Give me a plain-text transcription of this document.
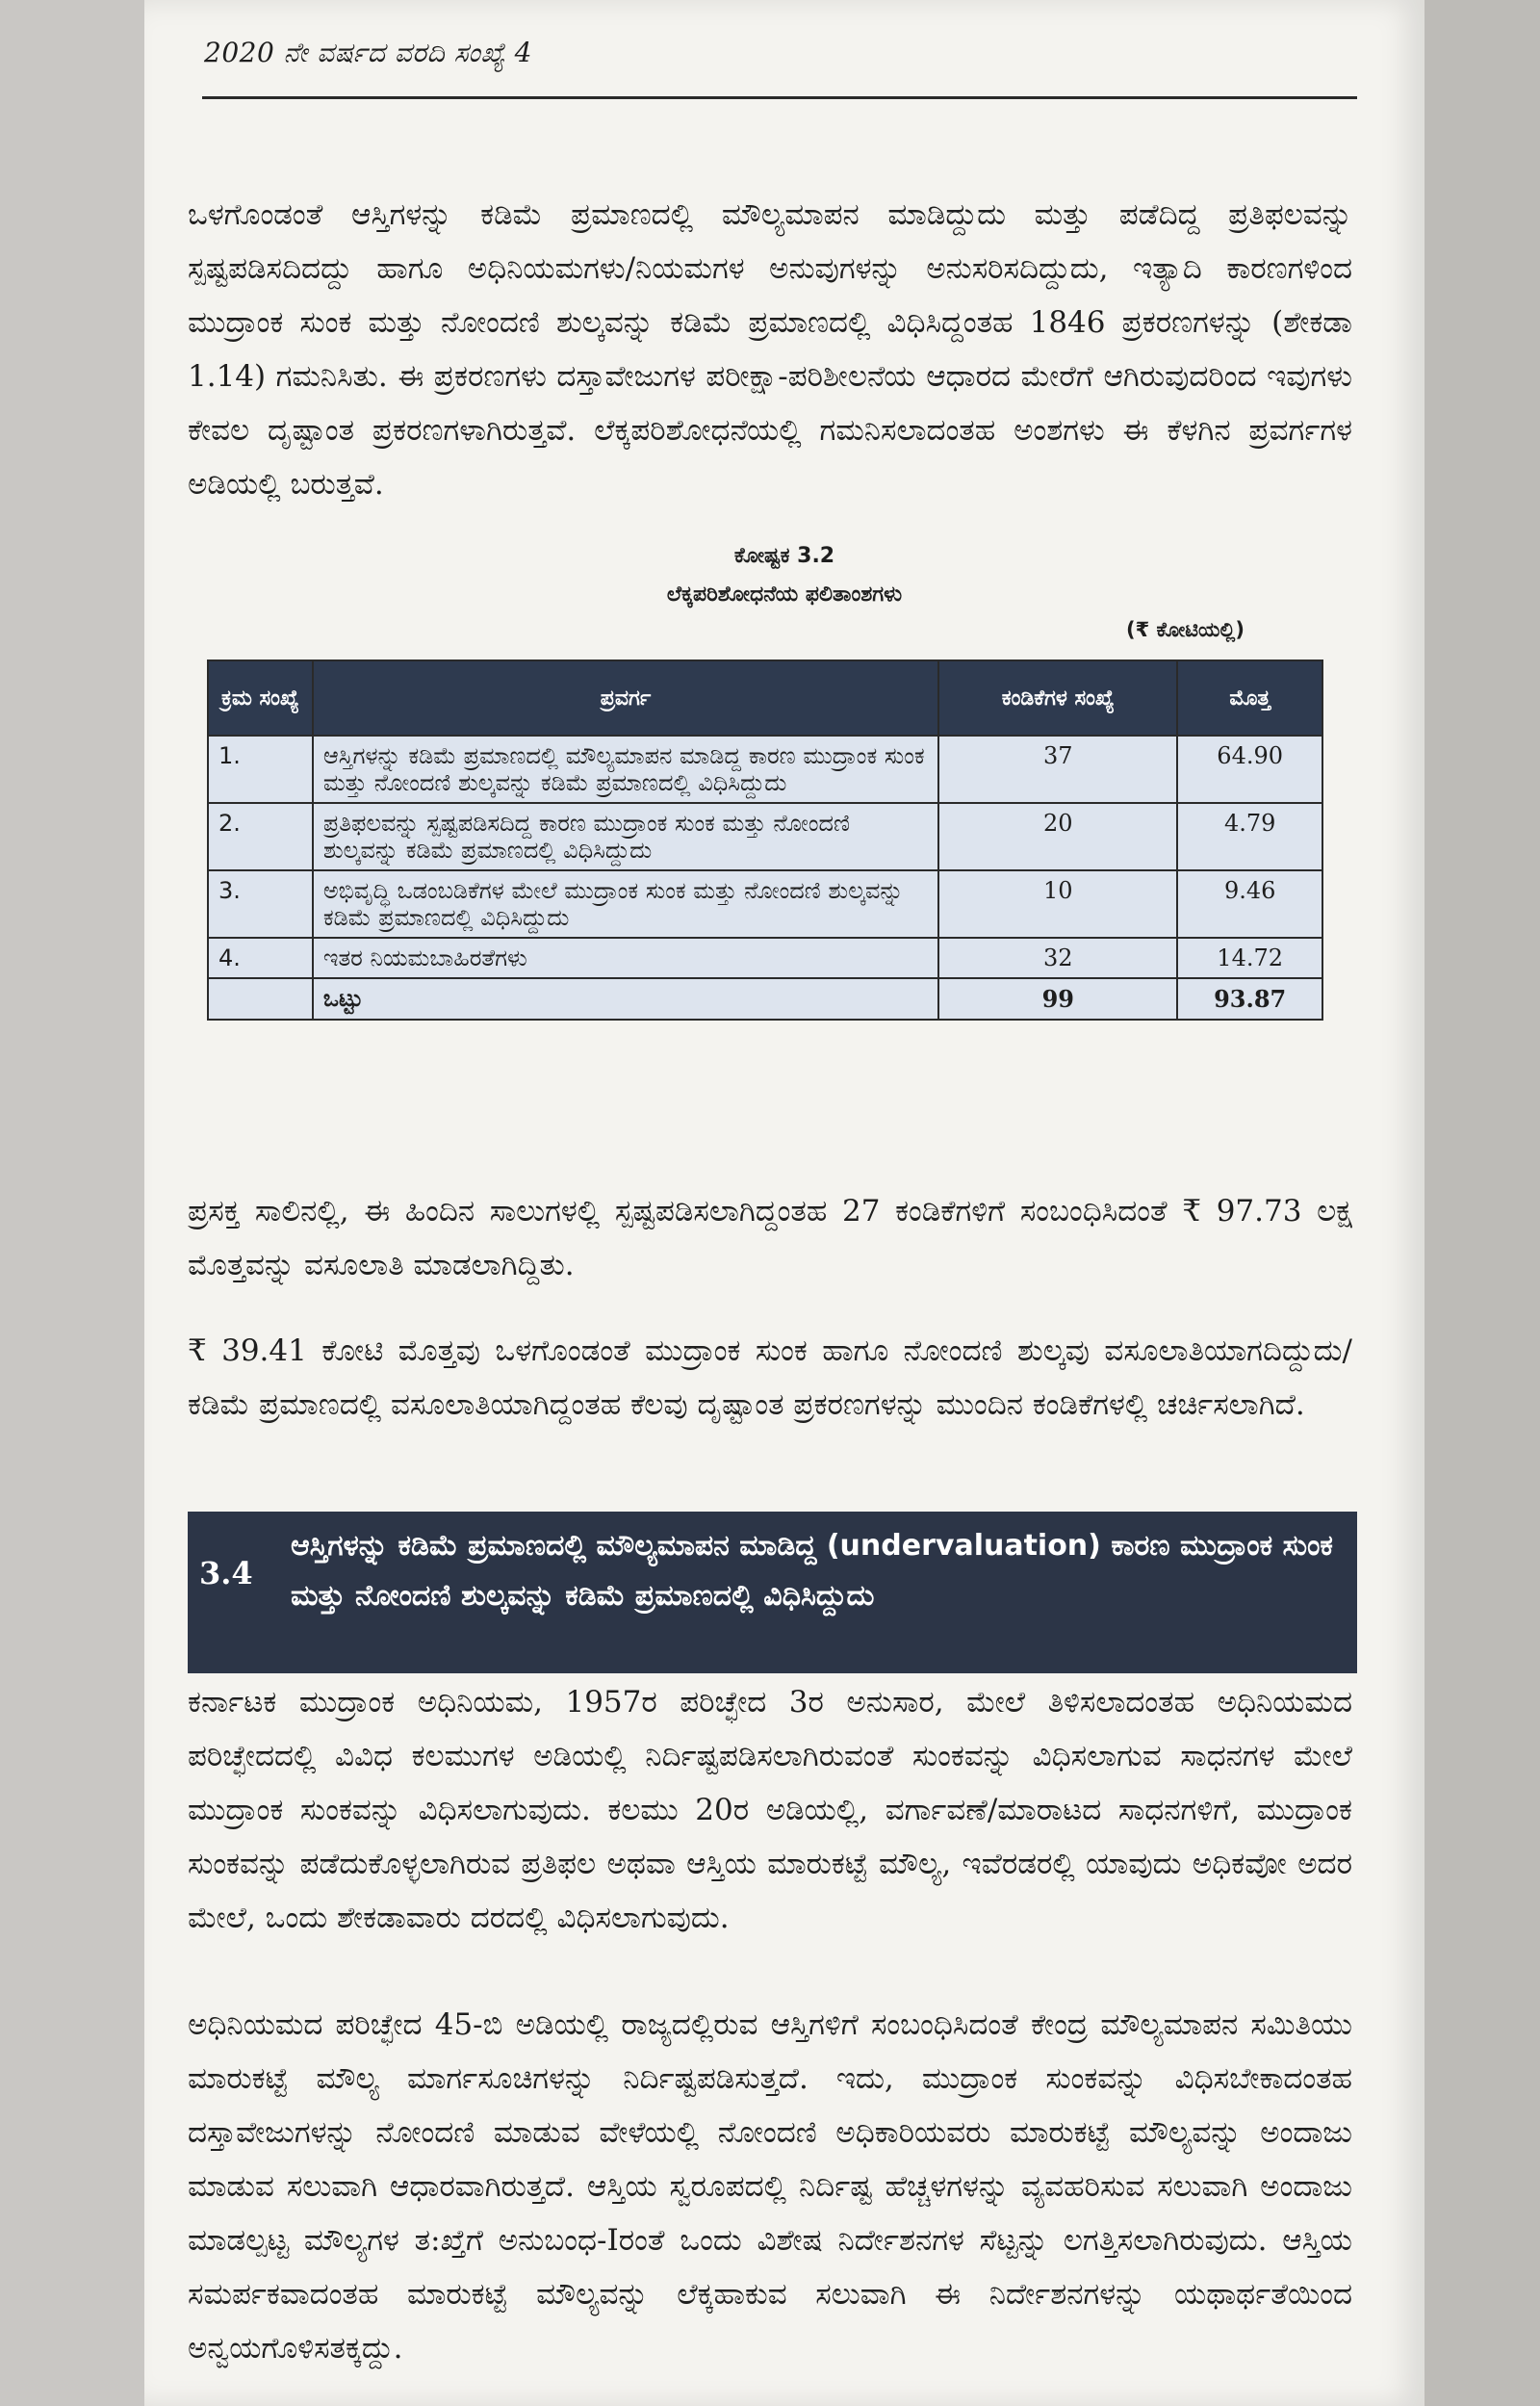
2020 ನೇ ವರ್ಷದ ವರದಿ ಸಂಖ್ಯೆ 4
ಒಳಗೊಂಡಂತೆ ಆಸ್ತಿಗಳನ್ನು ಕಡಿಮೆ ಪ್ರಮಾಣದಲ್ಲಿ ಮೌಲ್ಯಮಾಪನ ಮಾಡಿದ್ದುದು ಮತ್ತು ಪಡೆದಿದ್ದ ಪ್ರತಿಫಲವನ್ನು ಸ್ಪಷ್ಟಪಡಿಸದಿದದ್ದು ಹಾಗೂ ಅಧಿನಿಯಮಗಳು/ನಿಯಮಗಳ ಅನುವುಗಳನ್ನು ಅನುಸರಿಸದಿದ್ದುದು, ಇತ್ಯಾದಿ ಕಾರಣಗಳಿಂದ ಮುದ್ರಾಂಕ ಸುಂಕ ಮತ್ತು ನೋಂದಣಿ ಶುಲ್ಕವನ್ನು ಕಡಿಮೆ ಪ್ರಮಾಣದಲ್ಲಿ ವಿಧಿಸಿದ್ದಂತಹ 1846 ಪ್ರಕರಣಗಳನ್ನು (ಶೇಕಡಾ 1.14) ಗಮನಿಸಿತು. ಈ ಪ್ರಕರಣಗಳು ದಸ್ತಾವೇಜುಗಳ ಪರೀಕ್ಷಾ-ಪರಿಶೀಲನೆಯ ಆಧಾರದ ಮೇರೆಗೆ ಆಗಿರುವುದರಿಂದ ಇವುಗಳು ಕೇವಲ ದೃಷ್ಟಾಂತ ಪ್ರಕರಣಗಳಾಗಿರುತ್ತವೆ. ಲೆಕ್ಕಪರಿಶೋಧನೆಯಲ್ಲಿ ಗಮನಿಸಲಾದಂತಹ ಅಂಶಗಳು ಈ ಕೆಳಗಿನ ಪ್ರವರ್ಗಗಳ ಅಡಿಯಲ್ಲಿ ಬರುತ್ತವೆ.
ಕೋಷ್ಟಕ 3.2
ಲೆಕ್ಕಪರಿಶೋಧನೆಯ ಫಲಿತಾಂಶಗಳು
(₹ ಕೋಟಿಯಲ್ಲಿ)
ಕ್ರಮ ಸಂಖ್ಯೆ	ಪ್ರವರ್ಗ	ಕಂಡಿಕೆಗಳ ಸಂಖ್ಯೆ	ಮೊತ್ತ
1.	ಆಸ್ತಿಗಳನ್ನು ಕಡಿಮೆ ಪ್ರಮಾಣದಲ್ಲಿ ಮೌಲ್ಯಮಾಪನ ಮಾಡಿದ್ದ ಕಾರಣ ಮುದ್ರಾಂಕ ಸುಂಕ ಮತ್ತು ನೋಂದಣಿ ಶುಲ್ಕವನ್ನು ಕಡಿಮೆ ಪ್ರಮಾಣದಲ್ಲಿ ವಿಧಿಸಿದ್ದುದು	37	64.90
2.	ಪ್ರತಿಫಲವನ್ನು ಸ್ಪಷ್ಟಪಡಿಸದಿದ್ದ ಕಾರಣ ಮುದ್ರಾಂಕ ಸುಂಕ ಮತ್ತು ನೋಂದಣಿ ಶುಲ್ಕವನ್ನು ಕಡಿಮೆ ಪ್ರಮಾಣದಲ್ಲಿ ವಿಧಿಸಿದ್ದುದು	20	4.79
3.	ಅಭಿವೃದ್ಧಿ ಒಡಂಬಡಿಕೆಗಳ ಮೇಲೆ ಮುದ್ರಾಂಕ ಸುಂಕ ಮತ್ತು ನೋಂದಣಿ ಶುಲ್ಕವನ್ನು ಕಡಿಮೆ ಪ್ರಮಾಣದಲ್ಲಿ ವಿಧಿಸಿದ್ದುದು	10	9.46
4.	ಇತರ ನಿಯಮಬಾಹಿರತೆಗಳು	32	14.72
	ಒಟ್ಟು	99	93.87
ಪ್ರಸಕ್ತ ಸಾಲಿನಲ್ಲಿ, ಈ ಹಿಂದಿನ ಸಾಲುಗಳಲ್ಲಿ ಸ್ಪಷ್ಟಪಡಿಸಲಾಗಿದ್ದಂತಹ 27 ಕಂಡಿಕೆಗಳಿಗೆ ಸಂಬಂಧಿಸಿದಂತೆ ₹ 97.73 ಲಕ್ಷ ಮೊತ್ತವನ್ನು ವಸೂಲಾತಿ ಮಾಡಲಾಗಿದ್ದಿತು.
₹ 39.41 ಕೋಟಿ ಮೊತ್ತವು ಒಳಗೊಂಡಂತೆ ಮುದ್ರಾಂಕ ಸುಂಕ ಹಾಗೂ ನೋಂದಣಿ ಶುಲ್ಕವು ವಸೂಲಾತಿಯಾಗದಿದ್ದುದು/ಕಡಿಮೆ ಪ್ರಮಾಣದಲ್ಲಿ ವಸೂಲಾತಿಯಾಗಿದ್ದಂತಹ ಕೆಲವು ದೃಷ್ಟಾಂತ ಪ್ರಕರಣಗಳನ್ನು ಮುಂದಿನ ಕಂಡಿಕೆಗಳಲ್ಲಿ ಚರ್ಚಿಸಲಾಗಿದೆ.
3.4
ಆಸ್ತಿಗಳನ್ನು ಕಡಿಮೆ ಪ್ರಮಾಣದಲ್ಲಿ ಮೌಲ್ಯಮಾಪನ ಮಾಡಿದ್ದ (undervaluation) ಕಾರಣ ಮುದ್ರಾಂಕ ಸುಂಕ ಮತ್ತು ನೋಂದಣಿ ಶುಲ್ಕವನ್ನು ಕಡಿಮೆ ಪ್ರಮಾಣದಲ್ಲಿ ವಿಧಿಸಿದ್ದುದು
ಕರ್ನಾಟಕ ಮುದ್ರಾಂಕ ಅಧಿನಿಯಮ, 1957ರ ಪರಿಚ್ಛೇದ 3ರ ಅನುಸಾರ, ಮೇಲೆ ತಿಳಿಸಲಾದಂತಹ ಅಧಿನಿಯಮದ ಪರಿಚ್ಛೇದದಲ್ಲಿ ವಿವಿಧ ಕಲಮುಗಳ ಅಡಿಯಲ್ಲಿ ನಿರ್ದಿಷ್ಟಪಡಿಸಲಾಗಿರುವಂತೆ ಸುಂಕವನ್ನು ವಿಧಿಸಲಾಗುವ ಸಾಧನಗಳ ಮೇಲೆ ಮುದ್ರಾಂಕ ಸುಂಕವನ್ನು ವಿಧಿಸಲಾಗುವುದು. ಕಲಮು 20ರ ಅಡಿಯಲ್ಲಿ, ವರ್ಗಾವಣೆ/ಮಾರಾಟದ ಸಾಧನಗಳಿಗೆ, ಮುದ್ರಾಂಕ ಸುಂಕವನ್ನು ಪಡೆದುಕೊಳ್ಳಲಾಗಿರುವ ಪ್ರತಿಫಲ ಅಥವಾ ಆಸ್ತಿಯ ಮಾರುಕಟ್ಟೆ ಮೌಲ್ಯ, ಇವೆರಡರಲ್ಲಿ ಯಾವುದು ಅಧಿಕವೋ ಅದರ ಮೇಲೆ, ಒಂದು ಶೇಕಡಾವಾರು ದರದಲ್ಲಿ ವಿಧಿಸಲಾಗುವುದು.
ಅಧಿನಿಯಮದ ಪರಿಚ್ಛೇದ 45-ಬಿ ಅಡಿಯಲ್ಲಿ ರಾಜ್ಯದಲ್ಲಿರುವ ಆಸ್ತಿಗಳಿಗೆ ಸಂಬಂಧಿಸಿದಂತೆ ಕೇಂದ್ರ ಮೌಲ್ಯಮಾಪನ ಸಮಿತಿಯು ಮಾರುಕಟ್ಟೆ ಮೌಲ್ಯ ಮಾರ್ಗಸೂಚಿಗಳನ್ನು ನಿರ್ದಿಷ್ಟಪಡಿಸುತ್ತದೆ. ಇದು, ಮುದ್ರಾಂಕ ಸುಂಕವನ್ನು ವಿಧಿಸಬೇಕಾದಂತಹ ದಸ್ತಾವೇಜುಗಳನ್ನು ನೋಂದಣಿ ಮಾಡುವ ವೇಳೆಯಲ್ಲಿ ನೋಂದಣಿ ಅಧಿಕಾರಿಯವರು ಮಾರುಕಟ್ಟೆ ಮೌಲ್ಯವನ್ನು ಅಂದಾಜು ಮಾಡುವ ಸಲುವಾಗಿ ಆಧಾರವಾಗಿರುತ್ತದೆ. ಆಸ್ತಿಯ ಸ್ವರೂಪದಲ್ಲಿ ನಿರ್ದಿಷ್ಟ ಹೆಚ್ಚಳಗಳನ್ನು ವ್ಯವಹರಿಸುವ ಸಲುವಾಗಿ ಅಂದಾಜು ಮಾಡಲ್ಪಟ್ಟ ಮೌಲ್ಯಗಳ ತ:ಖ್ತೆಗೆ ಅನುಬಂಧ-Iರಂತೆ ಒಂದು ವಿಶೇಷ ನಿರ್ದೇಶನಗಳ ಸೆಟ್ಟನ್ನು ಲಗತ್ತಿಸಲಾಗಿರುವುದು. ಆಸ್ತಿಯ ಸಮರ್ಪಕವಾದಂತಹ ಮಾರುಕಟ್ಟೆ ಮೌಲ್ಯವನ್ನು ಲೆಕ್ಕಹಾಕುವ ಸಲುವಾಗಿ ಈ ನಿರ್ದೇಶನಗಳನ್ನು ಯಥಾರ್ಥತೆಯಿಂದ ಅನ್ವಯಗೊಳಿಸತಕ್ಕದ್ದು.
